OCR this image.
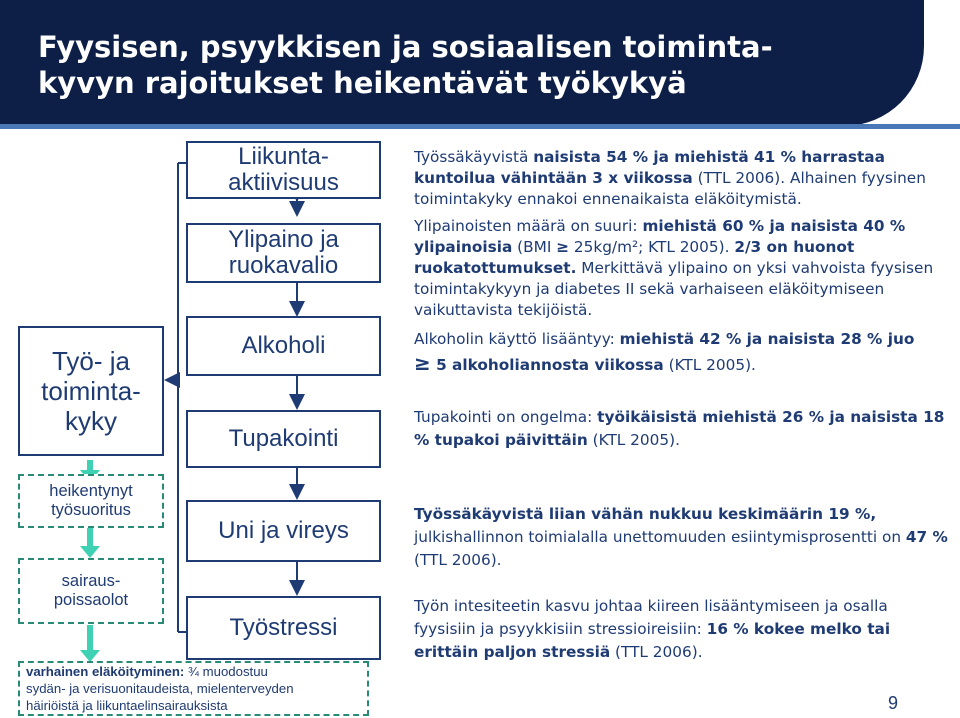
Fyysisen, psyykkisen ja sosiaalisen toiminta-
kyvyn rajoitukset heikentävät työkykyä
Työ- ja
toiminta-
kyky
Liikunta-
aktiivisuus
Ylipaino ja
ruokavalio
Alkoholi
Tupakointi
Uni ja vireys
Työstressi
heikentynyt
työsuoritus
sairaus-
poissaolot
varhainen eläköityminen: ¾ muodostuu
sydän- ja verisuonitaudeista, mielenterveyden
häiriöistä ja liikuntaelinsairauksista
Työssäkäyvistä naisista 54 % ja miehistä 41 % harrastaa kuntoilua vähintään 3 x viikossa (TTL 2006). Alhainen fyysinen toimintakyky ennakoi ennenaikaista eläköitymistä.
Ylipainoisten määrä on suuri: miehistä 60 % ja naisista 40 % ylipainoisia (BMI ≥ 25kg/m²; KTL 2005). 2/3 on huonot ruokatottumukset. Merkittävä ylipaino on yksi vahvoista fyysisen toimintakykyyn ja diabetes II sekä varhaiseen eläköitymiseen vaikuttavista tekijöistä.
Alkoholin käyttö lisääntyy: miehistä 42 % ja naisista 28 % juo
≥ 5 alkoholiannosta viikossa (KTL 2005).
Tupakointi on ongelma: työikäisistä miehistä 26 % ja naisista 18 % tupakoi päivittäin (KTL 2005).
Työssäkäyvistä liian vähän nukkuu keskimäärin 19 %, julkishallinnon toimialalla unettomuuden esiintymisprosentti on 47 % (TTL 2006).
Työn intesiteetin kasvu johtaa kiireen lisääntymiseen ja osalla fyysisiin ja psyykkisiin stressioireisiin: 16 % kokee melko tai erittäin paljon stressiä (TTL 2006).
9
